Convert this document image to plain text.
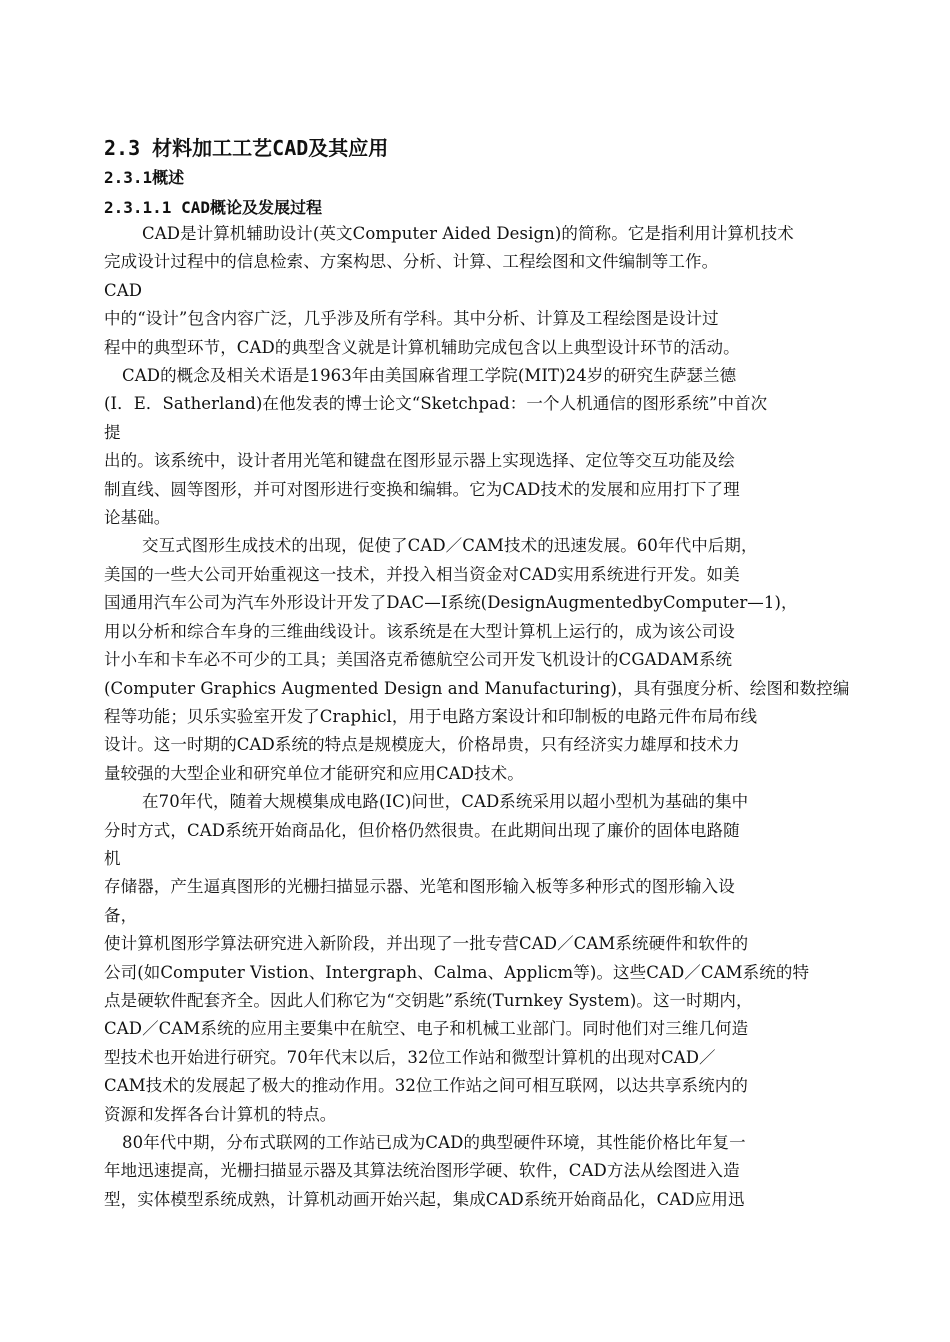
2.3 材料加工工艺CAD及其应用
2.3.1概述
2.3.1.1 CAD概论及发展过程
CAD是计算机辅助设计(英文Computer Aided Design)的简称。它是指利用计算机技术
完成设计过程中的信息检索、方案构思、分析、计算、工程绘图和文件编制等工作。
CAD
中的“设计”包含内容广泛，几乎涉及所有学科。其中分析、计算及工程绘图是设计过
程中的典型环节，CAD的典型含义就是计算机辅助完成包含以上典型设计环节的活动。
CAD的概念及相关术语是1963年由美国麻省理工学院(MIT)24岁的研究生萨瑟兰德
(I．E．Satherland)在他发表的博士论文“Sketchpad：一个人机通信的图形系统”中首次
提
出的。该系统中，设计者用光笔和键盘在图形显示器上实现选择、定位等交互功能及绘
制直线、圆等图形，并可对图形进行变换和编辑。它为CAD技术的发展和应用打下了理
论基础。
交互式图形生成技术的出现，促使了CAD／CAM技术的迅速发展。60年代中后期，
美国的一些大公司开始重视这一技术，并投入相当资金对CAD实用系统进行开发。如美
国通用汽车公司为汽车外形设计开发了DAC—I系统(DesignAugmentedbyComputer—1)，
用以分析和综合车身的三维曲线设计。该系统是在大型计算机上运行的，成为该公司设
计小车和卡车必不可少的工具；美国洛克希德航空公司开发飞机设计的CGADAM系统
(Computer Graphics Augmented Design and Manufacturing)，具有强度分析、绘图和数控编
程等功能；贝乐实验室开发了Craphicl，用于电路方案设计和印制板的电路元件布局布线
设计。这一时期的CAD系统的特点是规模庞大，价格昂贵，只有经济实力雄厚和技术力
量较强的大型企业和研究单位才能研究和应用CAD技术。
在70年代，随着大规模集成电路(IC)问世，CAD系统采用以超小型机为基础的集中
分时方式，CAD系统开始商品化，但价格仍然很贵。在此期间出现了廉价的固体电路随
机
存储器，产生逼真图形的光栅扫描显示器、光笔和图形输入板等多种形式的图形输入设
备，
使计算机图形学算法研究进入新阶段，并出现了一批专营CAD／CAM系统硬件和软件的
公司(如Computer Vistion、Intergraph、Calma、Applicm等)。这些CAD／CAM系统的特
点是硬软件配套齐全。因此人们称它为“交钥匙”系统(Turnkey System)。这一时期内，
CAD／CAM系统的应用主要集中在航空、电子和机械工业部门。同时他们对三维几何造
型技术也开始进行研究。70年代末以后，32位工作站和微型计算机的出现对CAD／
CAM技术的发展起了极大的推动作用。32位工作站之间可相互联网，以达共享系统内的
资源和发挥各台计算机的特点。
80年代中期，分布式联网的工作站已成为CAD的典型硬件环境，其性能价格比年复一
年地迅速提高，光栅扫描显示器及其算法统治图形学硬、软件，CAD方法从绘图进入造
型，实体模型系统成熟，计算机动画开始兴起，集成CAD系统开始商品化，CAD应用迅
